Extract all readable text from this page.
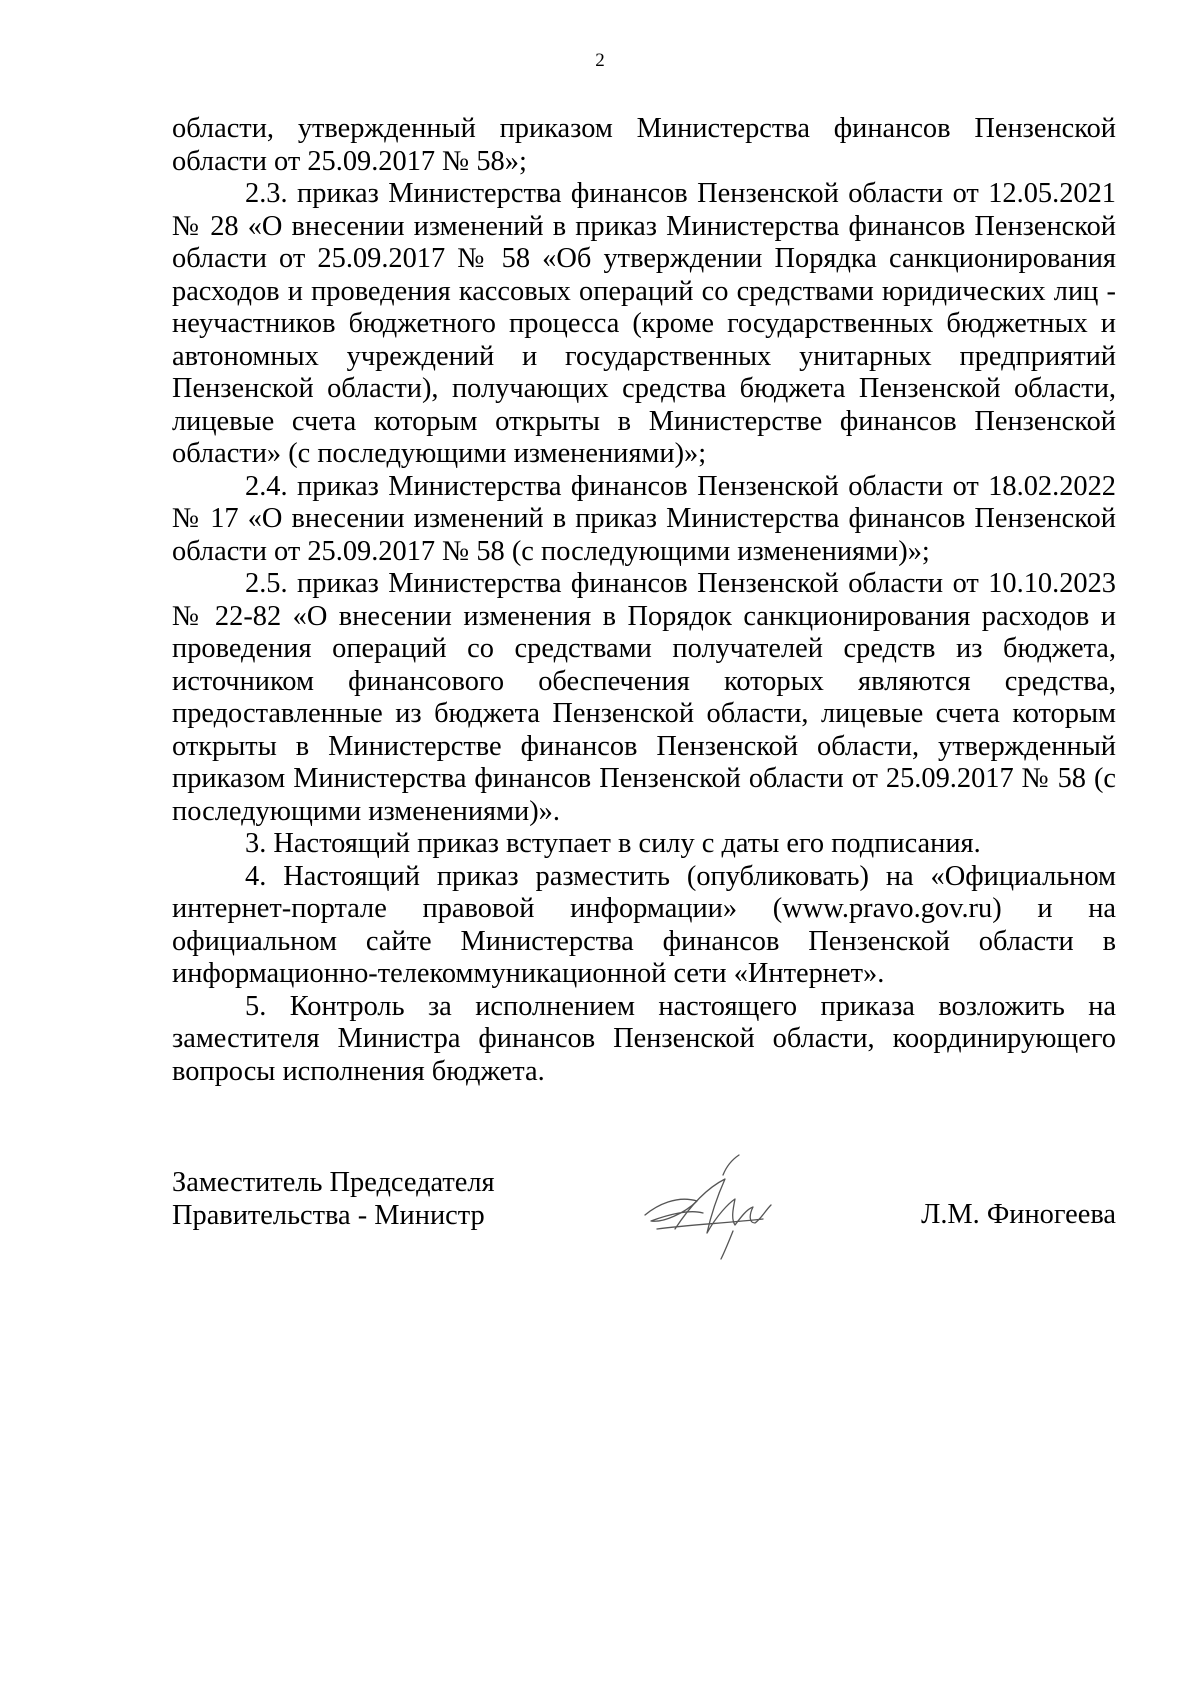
2

области, утвержденный приказом Министерства финансов Пензенской области от 25.09.2017 № 58»;

2.3. приказ Министерства финансов Пензенской области от 12.05.2021 № 28 «О внесении изменений в приказ Министерства финансов Пензенской области от 25.09.2017 № 58 «Об утверждении Порядка санкционирования расходов и проведения кассовых операций со средствами юридических лиц - неучастников бюджетного процесса (кроме государственных бюджетных и автономных учреждений и государственных унитарных предприятий Пензенской области), получающих средства бюджета Пензенской области, лицевые счета которым открыты в Министерстве финансов Пензенской области» (с последующими изменениями)»;

2.4. приказ Министерства финансов Пензенской области от 18.02.2022 № 17 «О внесении изменений в приказ Министерства финансов Пензенской области от 25.09.2017 № 58 (с последующими изменениями)»;

2.5. приказ Министерства финансов Пензенской области от 10.10.2023 № 22-82 «О внесении изменения в Порядок санкционирования расходов и проведения операций со средствами получателей средств из бюджета, источником финансового обеспечения которых являются средства, предоставленные из бюджета Пензенской области, лицевые счета которым открыты в Министерстве финансов Пензенской области, утвержденный приказом Министерства финансов Пензенской области от 25.09.2017 № 58 (с последующими изменениями)».

3. Настоящий приказ вступает в силу с даты его подписания.

4. Настоящий приказ разместить (опубликовать) на «Официальном интернет-портале правовой информации» (www.pravo.gov.ru) и на официальном сайте Министерства финансов Пензенской области в информационно-телекоммуникационной сети «Интернет».

5. Контроль за исполнением настоящего приказа возложить на заместителя Министра финансов Пензенской области, координирующего вопросы исполнения бюджета.

Заместитель Председателя
Правительства - Министр	Л.М. Финогеева
